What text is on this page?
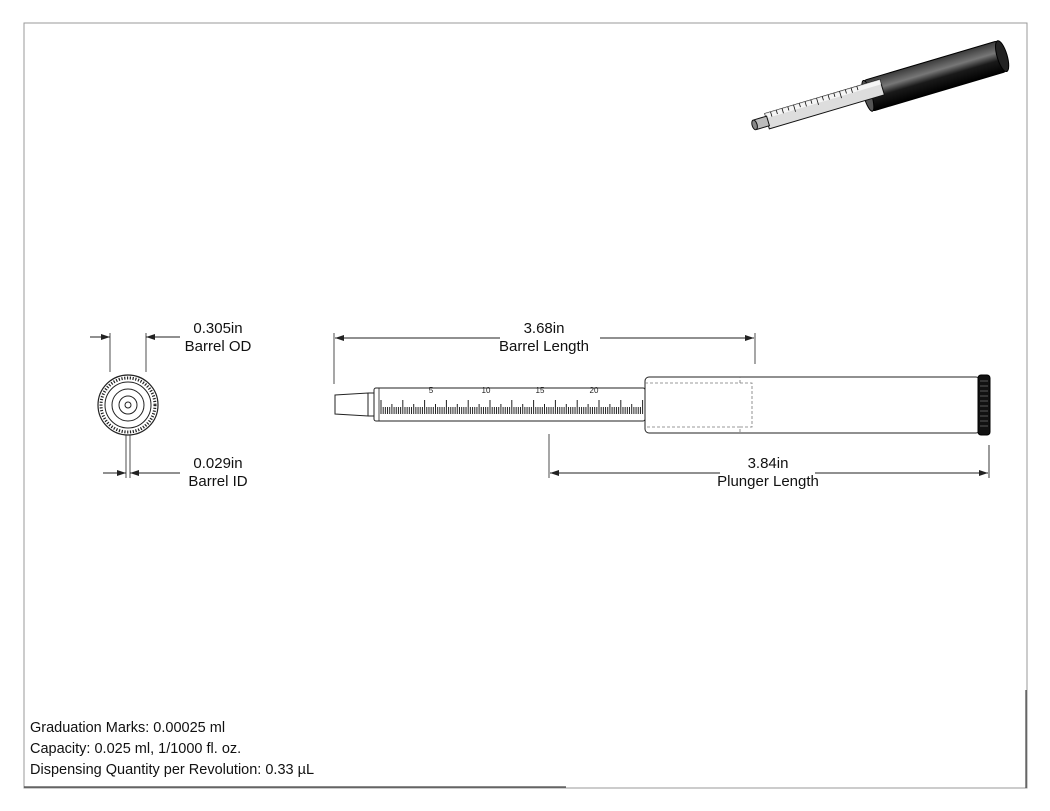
5	10	15	20
0.305in
Barrel OD
0.029in
Barrel ID
3.68in
Barrel Length
3.84in
Plunger Length
Graduation Marks: 0.00025 ml
Capacity: 0.025 ml, 1/1000 fl. oz.
Dispensing Quantity per Revolution: 0.33 µL
